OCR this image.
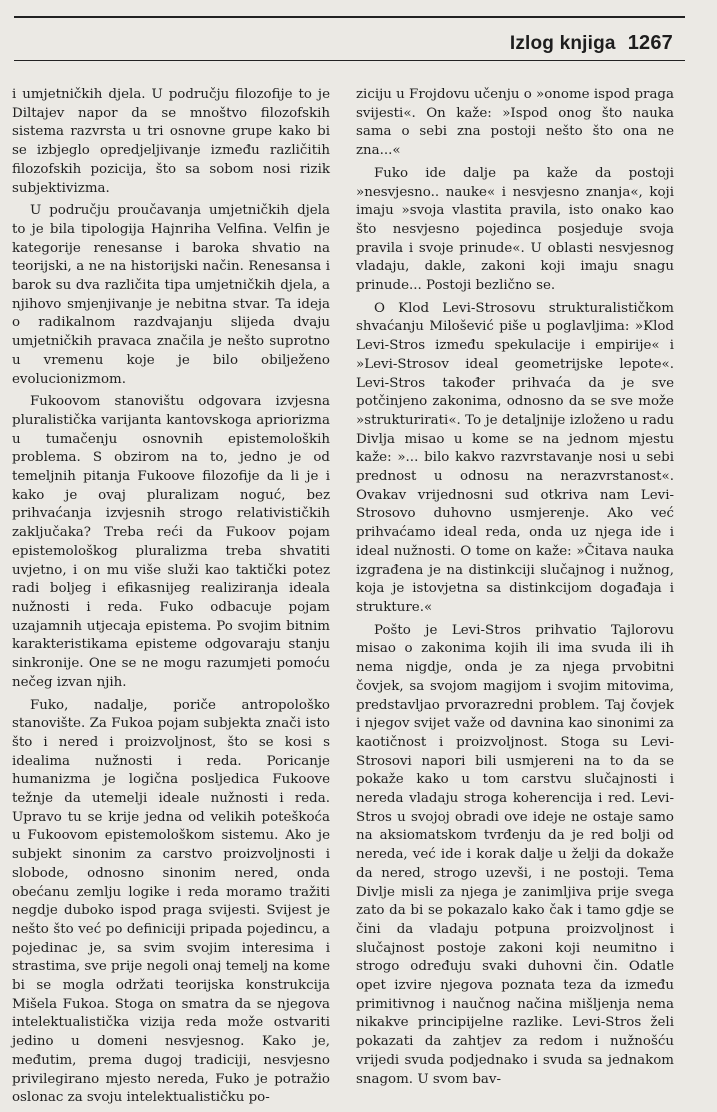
Izlog knjiga 1267

i umjetničkih djela. U području filozofije to je Diltajev napor da se mnoštvo filozofskih sistema razvrsta u tri osnovne grupe kako bi se izbjeglo opredjeljivanje između različitih filozofskih pozicija, što sa sobom nosi rizik subjektivizma.

U području proučavanja umjetničkih djela to je bila tipologija Hajnriha Velfina. Velfin je kategorije renesanse i baroka shvatio na teorijski, a ne na historijski način. Renesansa i barok su dva različita tipa umjetničkih djela, a njihovo smjenjivanje je nebitna stvar. Ta ideja o radikalnom razdvajanju slijeda dvaju umjetničkih pravaca značila je nešto suprotno u vremenu koje je bilo obilježeno evolucionizmom.

Fukoovom stanovištu odgovara izvjesna pluralistička varijanta kantovskoga apriorizma u tumačenju osnovnih epistemoloških problema. S obzirom na to, jedno je od temeljnih pitanja Fukoove filozofije da li je i kako je ovaj pluralizam noguć, bez prihvaćanja izvjesnih strogo relativističkih zaključaka? Treba reći da Fukoov pojam epistemološkog pluralizma treba shvatiti uvjetno, i on mu više služi kao taktički potez radi boljeg i efikasnijeg realiziranja ideala nužnosti i reda. Fuko odbacuje pojam uzajamnih utjecaja epistema. Po svojim bitnim karakteristikama episteme odgovaraju stanju sinkronije. One se ne mogu razumjeti pomoću nečeg izvan njih.

Fuko, nadalje, poriče antropološko stanovište. Za Fukoa pojam subjekta znači isto što i nered i proizvoljnost, što se kosi s idealima nužnosti i reda. Poricanje humanizma je logična posljedica Fukoove težnje da utemelji ideale nužnosti i reda. Upravo tu se krije jedna od velikih poteškoća u Fukoovom epistemološkom sistemu. Ako je subjekt sinonim za carstvo proizvoljnosti i slobode, odnosno sinonim nered, onda obećanu zemlju logike i reda moramo tražiti negdje duboko ispod praga svijesti. Svijest je nešto što već po definiciji pripada pojedincu, a pojedinac je, sa svim svojim interesima i strastima, sve prije negoli onaj temelj na kome bi se mogla održati teorijska konstrukcija Mišela Fukoa. Stoga on smatra da se njegova intelektualistička vizija reda može ostvariti jedino u domeni nesvjesnog. Kako je, međutim, prema dugoj tradiciji, nesvjesno privilegirano mjesto nereda, Fuko je potražio oslonac za svoju intelektualističku po-

ziciju u Frojdovu učenju o »onome ispod praga svijesti«. On kaže: »Ispod onog što nauka sama o sebi zna postoji nešto što ona ne zna...«

Fuko ide dalje pa kaže da postoji »nesvjesno.. nauke« i nesvjesno znanja«, koji imaju »svoja vlastita pravila, isto onako kao što nesvjesno pojedinca posjeduje svoja pravila i svoje prinude«. U oblasti nesvjesnog vladaju, dakle, zakoni koji imaju snagu prinude... Postoji bezlično se.

O Klod Levi-Strosovu strukturalističkom shvaćanju Milošević piše u poglavljima: »Klod Levi-Stros između spekulacije i empirije« i »Levi-Strosov ideal geometrijske lepote«. Levi-Stros također prihvaća da je sve potčinjeno zakonima, odnosno da se sve može »strukturirati«. To je detaljnije izloženo u radu Divlja misao u kome se na jednom mjestu kaže: »... bilo kakvo razvrstavanje nosi u sebi prednost u odnosu na nerazvrstanost«. Ovakav vrijednosni sud otkriva nam Levi-Strosovo duhovno usmjerenje. Ako već prihvaćamo ideal reda, onda uz njega ide i ideal nužnosti. O tome on kaže: »Čitava nauka izgrađena je na distinkciji slučajnog i nužnog, koja je istovjetna sa distinkcijom događaja i strukture.«

Pošto je Levi-Stros prihvatio Tajlorovu misao o zakonima kojih ili ima svuda ili ih nema nigdje, onda je za njega prvobitni čovjek, sa svojom magijom i svojim mitovima, predstavljao prvorazredni problem. Taj čovjek i njegov svijet važe od davnina kao sinonimi za kaotičnost i proizvoljnost. Stoga su Levi-Strosovi napori bili usmjereni na to da se pokaže kako u tom carstvu slučajnosti i nereda vladaju stroga koherencija i red. Levi-Stros u svojoj obradi ove ideje ne ostaje samo na aksiomatskom tvrđenju da je red bolji od nereda, već ide i korak dalje u želji da dokaže da nered, strogo uzevši, i ne postoji. Tema Divlje misli za njega je zanimljiva prije svega zato da bi se pokazalo kako čak i tamo gdje se čini da vladaju potpuna proizvoljnost i slučajnost postoje zakoni koji neumitno i strogo određuju svaki duhovni čin. Odatle opet izvire njegova poznata teza da između primitivnog i naučnog načina mišljenja nema nikakve principijelne razlike. Levi-Stros želi pokazati da zahtjev za redom i nužnošću vrijedi svuda podjednako i svuda sa jednakom snagom. U svom bav-
